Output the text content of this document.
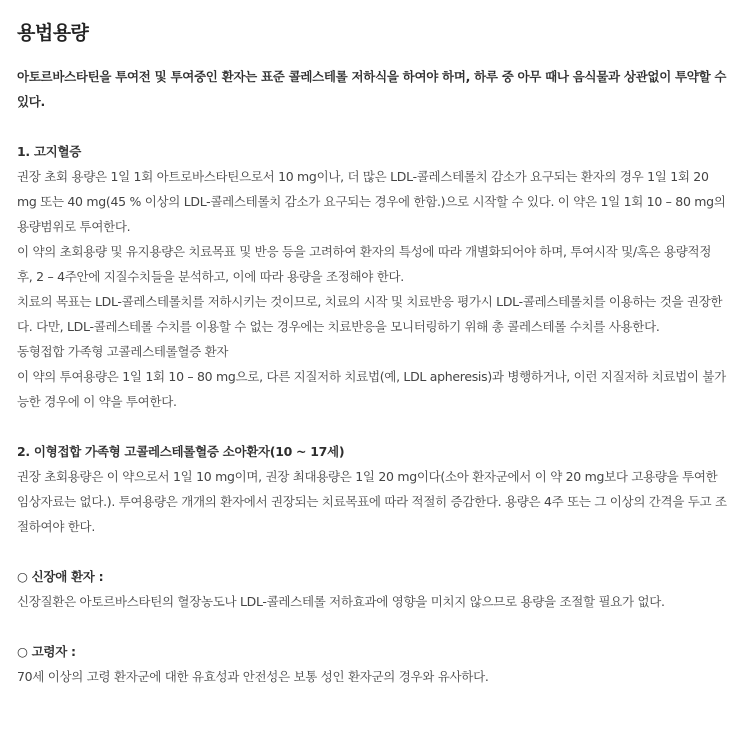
용법용량
아토르바스타틴을 투여전 및 투여중인 환자는 표준 콜레스테롤 저하식을 하여야 하며, 하루 중 아무 때나 음식물과 상관없이 투약할 수 있다.
1. 고지혈증
권장 초회 용량은 1일 1회 아트로바스타틴으로서 10 mg이나, 더 많은 LDL-콜레스테롤치 감소가 요구되는 환자의 경우 1일 1회 20 mg 또는 40 mg(45 % 이상의 LDL-콜레스테롤치 감소가 요구되는 경우에 한함.)으로 시작할 수 있다. 이 약은 1일 1회 10 – 80 mg의 용량범위로 투여한다.
이 약의 초회용량 및 유지용량은 치료목표 및 반응 등을 고려하여 환자의 특성에 따라 개별화되어야 하며, 투여시작 및/혹은 용량적정 후, 2 – 4주안에 지질수치들을 분석하고, 이에 따라 용량을 조정해야 한다.
치료의 목표는 LDL-콜레스테롤치를 저하시키는 것이므로, 치료의 시작 및 치료반응 평가시 LDL-콜레스테롤치를 이용하는 것을 권장한다. 다만, LDL-콜레스테롤 수치를 이용할 수 없는 경우에는 치료반응을 모니터링하기 위해 총 콜레스테롤 수치를 사용한다.
동형접합 가족형 고콜레스테롤혈증 환자
이 약의 투여용량은 1일 1회 10 – 80 mg으로, 다른 지질저하 치료법(예, LDL apheresis)과 병행하거나, 이런 지질저하 치료법이 불가능한 경우에 이 약을 투여한다.
2. 이형접합 가족형 고콜레스테롤혈증 소아환자(10 ~ 17세)
권장 초회용량은 이 약으로서 1일 10 mg이며, 권장 최대용량은 1일 20 mg이다(소아 환자군에서 이 약 20 mg보다 고용량을 투여한 임상자료는 없다.). 투여용량은 개개의 환자에서 권장되는 치료목표에 따라 적절히 증감한다. 용량은 4주 또는 그 이상의 간격을 두고 조절하여야 한다.
○ 신장애 환자 :
신장질환은 아토르바스타틴의 혈장농도나 LDL-콜레스테롤 저하효과에 영향을 미치지 않으므로 용량을 조절할 필요가 없다.
○ 고령자 :
70세 이상의 고령 환자군에 대한 유효성과 안전성은 보통 성인 환자군의 경우와 유사하다.
